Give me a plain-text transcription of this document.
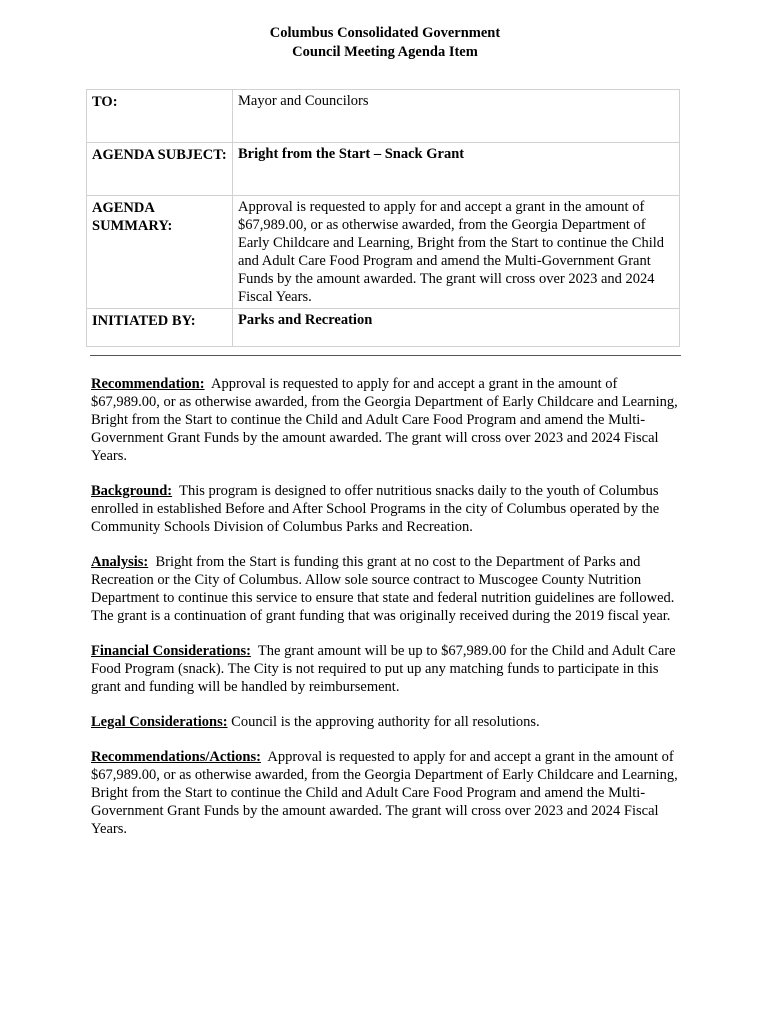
Columbus Consolidated Government
Council Meeting Agenda Item
TO:	Mayor and Councilors
AGENDA SUBJECT:	Bright from the Start – Snack Grant
AGENDA SUMMARY:	Approval is requested to apply for and accept a grant in the amount of $67,989.00, or as otherwise awarded, from the Georgia Department of Early Childcare and Learning, Bright from the Start to continue the Child and Adult Care Food Program and amend the Multi-Government Grant Funds by the amount awarded. The grant will cross over 2023 and 2024 Fiscal Years.
INITIATED BY:	Parks and Recreation

Recommendation: Approval is requested to apply for and accept a grant in the amount of $67,989.00, or as otherwise awarded, from the Georgia Department of Early Childcare and Learning, Bright from the Start to continue the Child and Adult Care Food Program and amend the Multi-Government Grant Funds by the amount awarded. The grant will cross over 2023 and 2024 Fiscal Years.

Background: This program is designed to offer nutritious snacks daily to the youth of Columbus enrolled in established Before and After School Programs in the city of Columbus operated by the Community Schools Division of Columbus Parks and Recreation.

Analysis: Bright from the Start is funding this grant at no cost to the Department of Parks and Recreation or the City of Columbus. Allow sole source contract to Muscogee County Nutrition Department to continue this service to ensure that state and federal nutrition guidelines are followed. The grant is a continuation of grant funding that was originally received during the 2019 fiscal year.

Financial Considerations: The grant amount will be up to $67,989.00 for the Child and Adult Care Food Program (snack). The City is not required to put up any matching funds to participate in this grant and funding will be handled by reimbursement.

Legal Considerations: Council is the approving authority for all resolutions.

Recommendations/Actions: Approval is requested to apply for and accept a grant in the amount of $67,989.00, or as otherwise awarded, from the Georgia Department of Early Childcare and Learning, Bright from the Start to continue the Child and Adult Care Food Program and amend the Multi-Government Grant Funds by the amount awarded. The grant will cross over 2023 and 2024 Fiscal Years.
